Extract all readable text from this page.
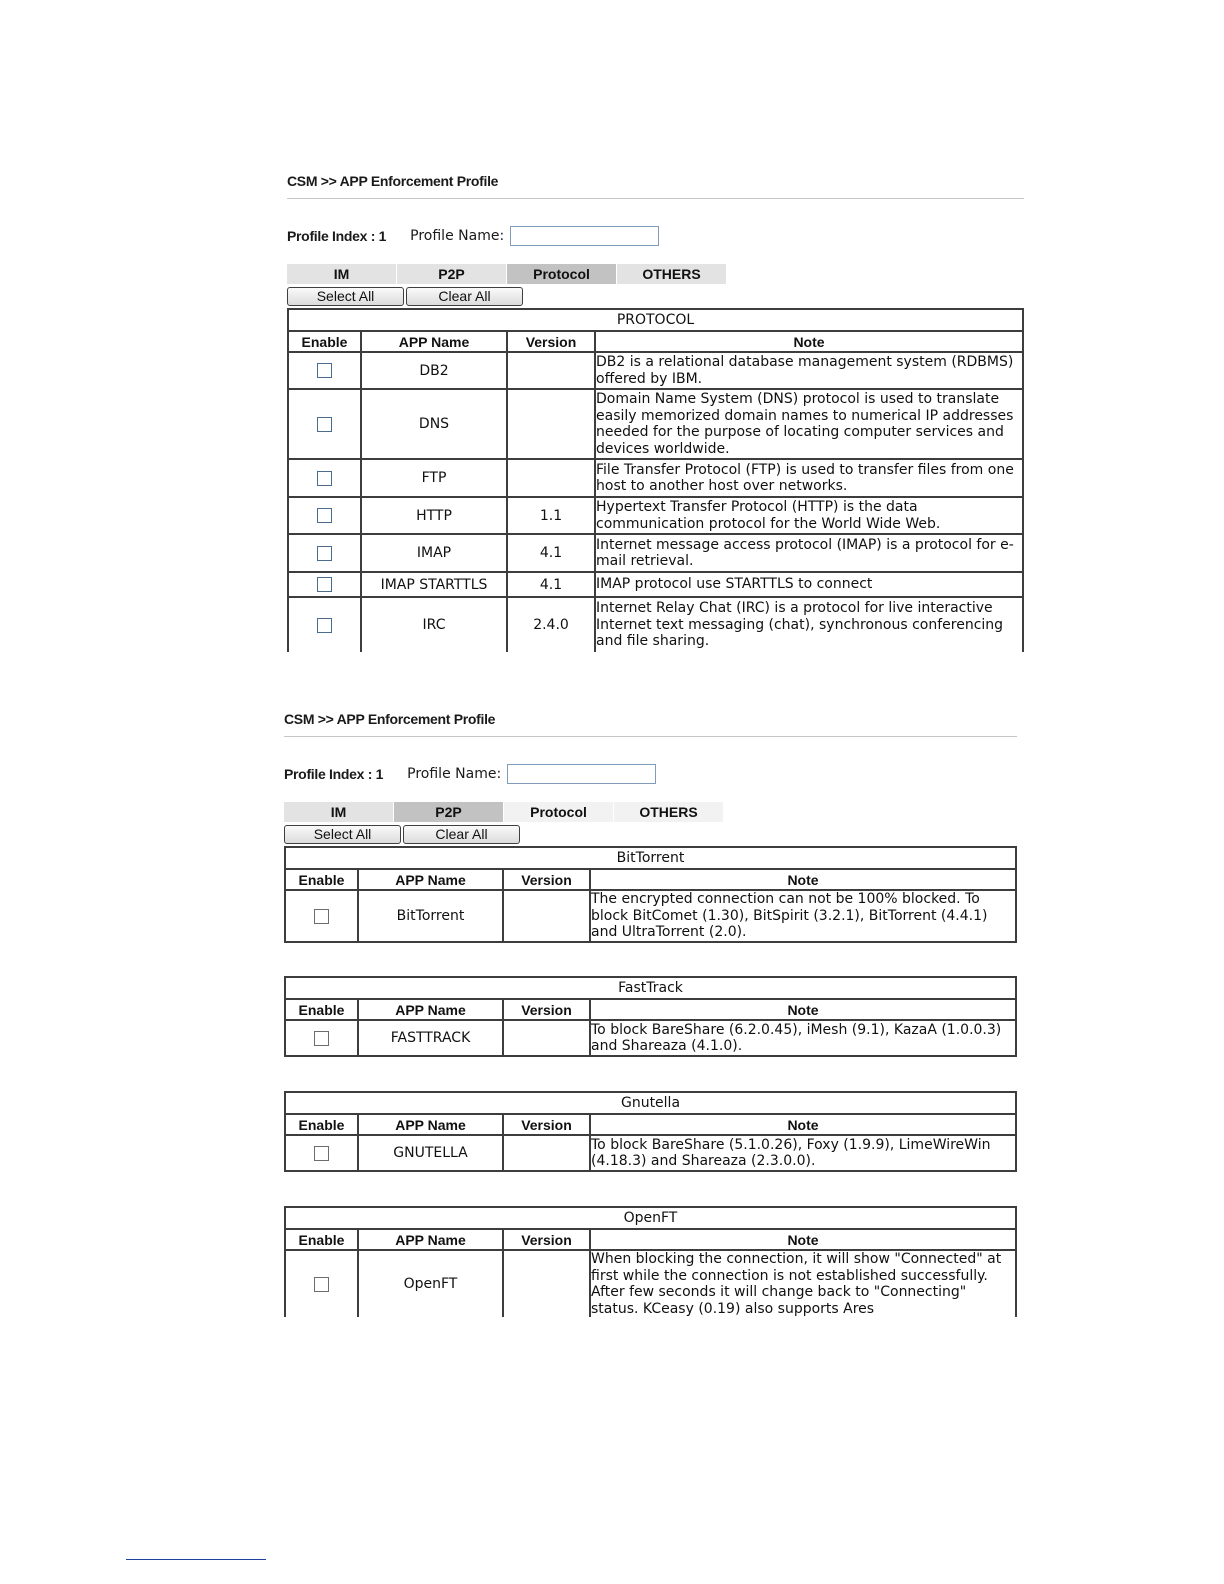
CSM >> APP Enforcement Profile
Profile Index : 1 Profile Name:
IM	P2P	Protocol	OTHERS
Select All	Clear All
PROTOCOL			
Enable	APP Name	Version	Note
	DB2		DB2 is a relational database management system (RDBMS) offered by IBM.
	DNS		Domain Name System (DNS) protocol is used to translate easily memorized domain names to numerical IP addresses needed for the purpose of locating computer services and devices worldwide.
	FTP		File Transfer Protocol (FTP) is used to transfer files from one host to another host over networks.
	HTTP	1.1	Hypertext Transfer Protocol (HTTP) is the data communication protocol for the World Wide Web.
	IMAP	4.1	Internet message access protocol (IMAP) is a protocol for e-mail retrieval.
	IMAP STARTTLS	4.1	IMAP protocol use STARTTLS to connect
	IRC	2.4.0	Internet Relay Chat (IRC) is a protocol for live interactive Internet text messaging (chat), synchronous conferencing and file sharing.
CSM >> APP Enforcement Profile
Profile Index : 1 Profile Name:
IM	P2P	Protocol	OTHERS
Select All	Clear All
BitTorrent			
Enable	APP Name	Version	Note
	BitTorrent		The encrypted connection can not be 100% blocked. To block BitComet (1.30), BitSpirit (3.2.1), BitTorrent (4.4.1) and UltraTorrent (2.0).
FastTrack			
Enable	APP Name	Version	Note
	FASTTRACK		To block BareShare (6.2.0.45), iMesh (9.1), KazaA (1.0.0.3) and Shareaza (4.1.0).
Gnutella			
Enable	APP Name	Version	Note
	GNUTELLA		To block BareShare (5.1.0.26), Foxy (1.9.9), LimeWireWin (4.18.3) and Shareaza (2.3.0.0).
OpenFT			
Enable	APP Name	Version	Note
	OpenFT		When blocking the connection, it will show "Connected" at first while the connection is not established successfully. After few seconds it will change back to "Connecting" status. KCeasy (0.19) also supports Ares
